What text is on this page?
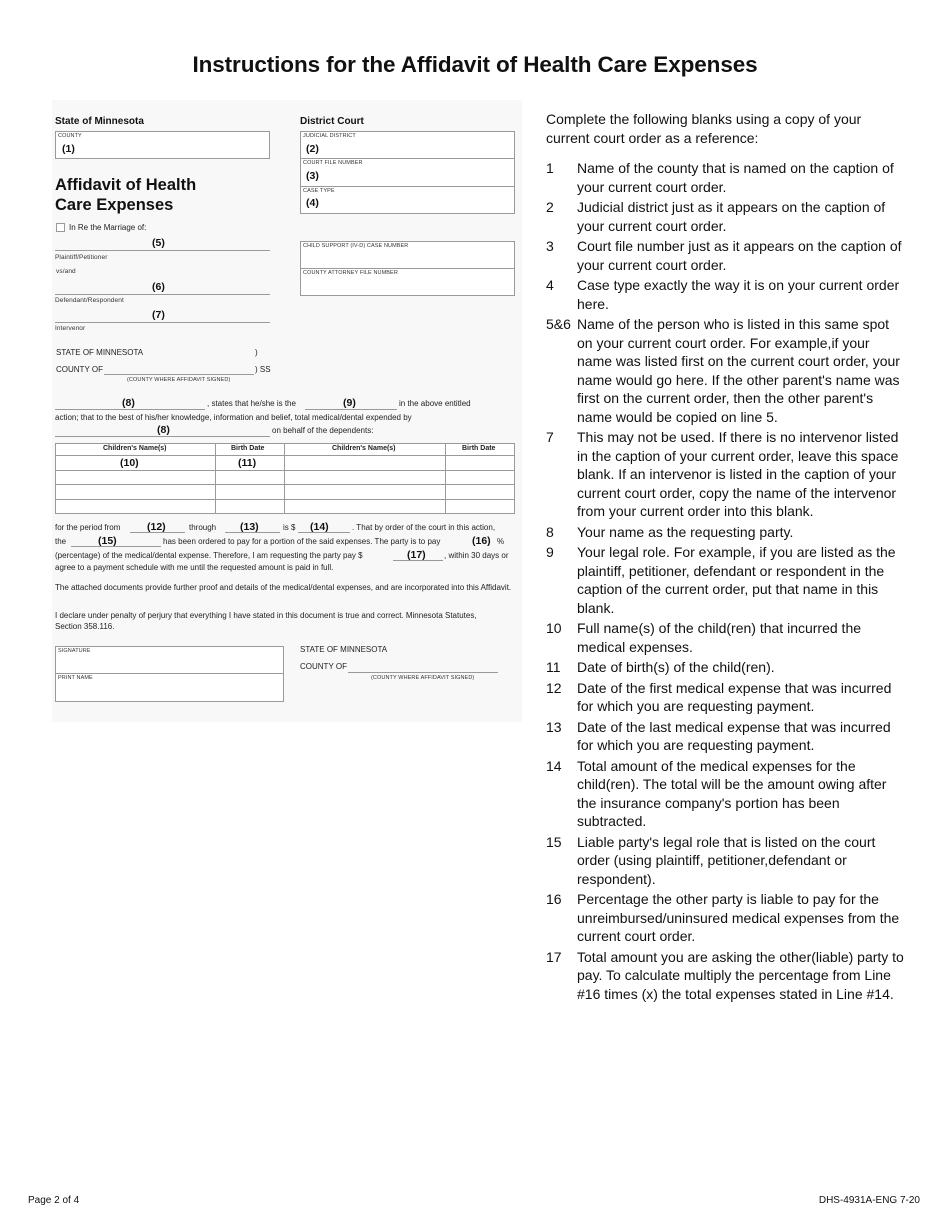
Instructions for the Affidavit of Health Care Expenses
State of Minnesota	District Court
COUNTY
(1)
JUDICIAL DISTRICT
(2)
COURT FILE NUMBER
(3)
CASE TYPE
(4)
Affidavit of Health
Care Expenses
In Re the Marriage of:
(5)
Plaintiff/Petitioner
vs/and
(6)
Defendant/Respondent
(7)
Intervenor
CHILD SUPPORT (IV-D) CASE NUMBER
COUNTY ATTORNEY FILE NUMBER
STATE OF MINNESOTA	)
COUNTY OF	) SS
(COUNTY WHERE AFFIDAVIT SIGNED)
(8)	, states that he/she is the	(9)	in the above entitled
action; that to the best of his/her knowledge, information and belief, total medical/dental expended by
(8)	on behalf of the dependents:
Children's Name(s)	Birth Date	Children's Name(s)	Birth Date
(10)	(11)
for the period from	(12)	through (13)	is $ (14)	. That by order of the court in this action,
the	(15)	has been ordered to pay for a portion of the said expenses. The party is to pay	(16) %
(percentage) of the medical/dental expense. Therefore, I am requesting the party pay $	(17) , within 30 days or
agree to a payment schedule with me until the requested amount is paid in full.
The attached documents provide further proof and details of the medical/dental expenses, and are incorporated into this Affidavit.
I declare under penalty of perjury that everything I have stated in this document is true and correct. Minnesota Statutes, Section 358.116.
SIGNATURE
PRINT NAME
STATE OF MINNESOTA
COUNTY OF
(COUNTY WHERE AFFIDAVIT SIGNED)
Complete the following blanks using a copy of your current court order as a reference:
1	Name of the county that is named on the caption of your current court order.
2	Judicial district just as it appears on the caption of your current court order.
3	Court file number just as it appears on the caption of your current court order.
4	Case type exactly the way it is on your current order here.
5&6 Name of the person who is listed in this same spot on your current court order. For example,if your name was listed first on the current court order, your name would go here. If the other parent's name was first on the current order, then the other parent's name would be copied on line 5.
7	This may not be used. If there is no intervenor listed in the caption of your current order, leave this space blank. If an intervenor is listed in the caption of your current court order, copy the name of the intervenor from your current order into this blank.
8	Your name as the requesting party.
9	Your legal role. For example, if you are listed as the plaintiff, petitioner, defendant or respondent in the caption of the current order, put that name in this blank.
10	Full name(s) of the child(ren) that incurred the medical expenses.
11	Date of birth(s) of the child(ren).
12	Date of the first medical expense that was incurred for which you are requesting payment.
13	Date of the last medical expense that was incurred for which you are requesting payment.
14	Total amount of the medical expenses for the child(ren). The total will be the amount owing after the insurance company's portion has been subtracted.
15	Liable party's legal role that is listed on the court order (using plaintiff, petitioner,defendant or respondent).
16	Percentage the other party is liable to pay for the unreimbursed/uninsured medical expenses from the current court order.
17	Total amount you are asking the other(liable) party to pay. To calculate multiply the percentage from Line #16 times (x) the total expenses stated in Line #14.
Page 2 of 4	DHS-4931A-ENG 7-20
